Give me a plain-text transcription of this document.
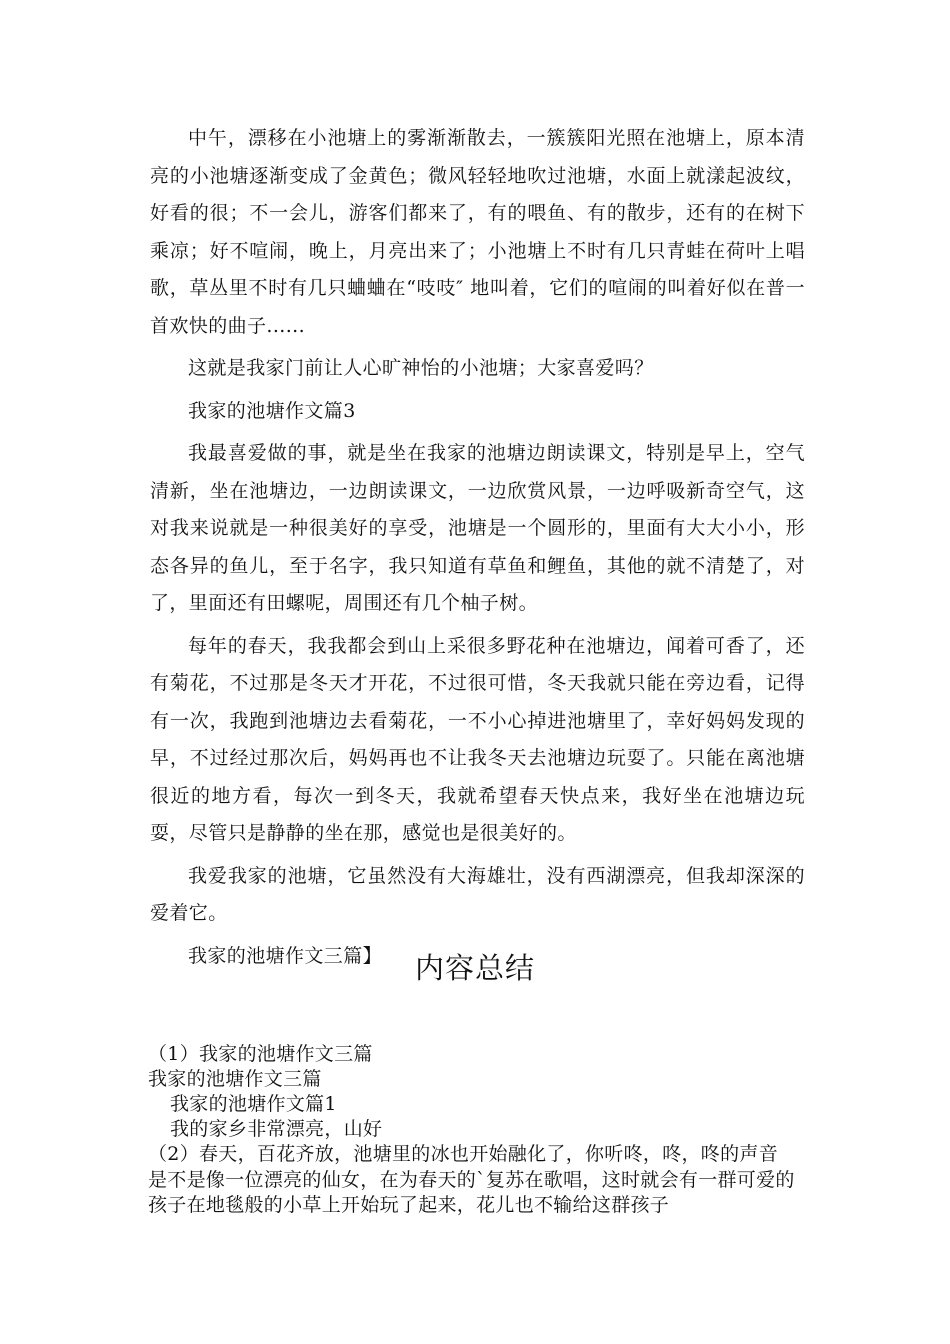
中午，漂移在小池塘上的雾渐渐散去，一簇簇阳光照在池塘上，原本清亮的小池塘逐渐变成了金黄色；微风轻轻地吹过池塘，水面上就漾起波纹，好看的很；不一会儿，游客们都来了，有的喂鱼、有的散步，还有的在树下乘凉；好不喧闹，晚上，月亮出来了；小池塘上不时有几只青蛙在荷叶上唱歌，草丛里不时有几只蛐蛐在“吱吱″ 地叫着，它们的喧闹的叫着好似在普一首欢快的曲子......

这就是我家门前让人心旷神怡的小池塘；大家喜爱吗？

我家的池塘作文篇3

我最喜爱做的事，就是坐在我家的池塘边朗读课文，特别是早上，空气清新，坐在池塘边，一边朗读课文，一边欣赏风景，一边呼吸新奇空气，这对我来说就是一种很美好的享受，池塘是一个圆形的，里面有大大小小，形态各异的鱼儿，至于名字，我只知道有草鱼和鲤鱼，其他的就不清楚了，对了，里面还有田螺呢，周围还有几个柚子树。

每年的春天，我我都会到山上采很多野花种在池塘边，闻着可香了，还有菊花，不过那是冬天才开花，不过很可惜，冬天我就只能在旁边看，记得有一次，我跑到池塘边去看菊花，一不小心掉进池塘里了，幸好妈妈发现的早，不过经过那次后，妈妈再也不让我冬天去池塘边玩耍了。只能在离池塘很近的地方看，每次一到冬天，我就希望春天快点来，我好坐在池塘边玩耍，尽管只是静静的坐在那，感觉也是很美好的。

我爱我家的池塘，它虽然没有大海雄壮，没有西湖漂亮，但我却深深的爱着它。

我家的池塘作文三篇】	内容总结

（1）我家的池塘作文三篇

我家的池塘作文三篇

我家的池塘作文篇1

我的家乡非常漂亮，山好

（2）春天，百花齐放，池塘里的冰也开始融化了，你听咚，咚，咚的声音是不是像一位漂亮的仙女，在为春天的`复苏在歌唱，这时就会有一群可爱的孩子在地毯般的小草上开始玩了起来，花儿也不输给这群孩子
